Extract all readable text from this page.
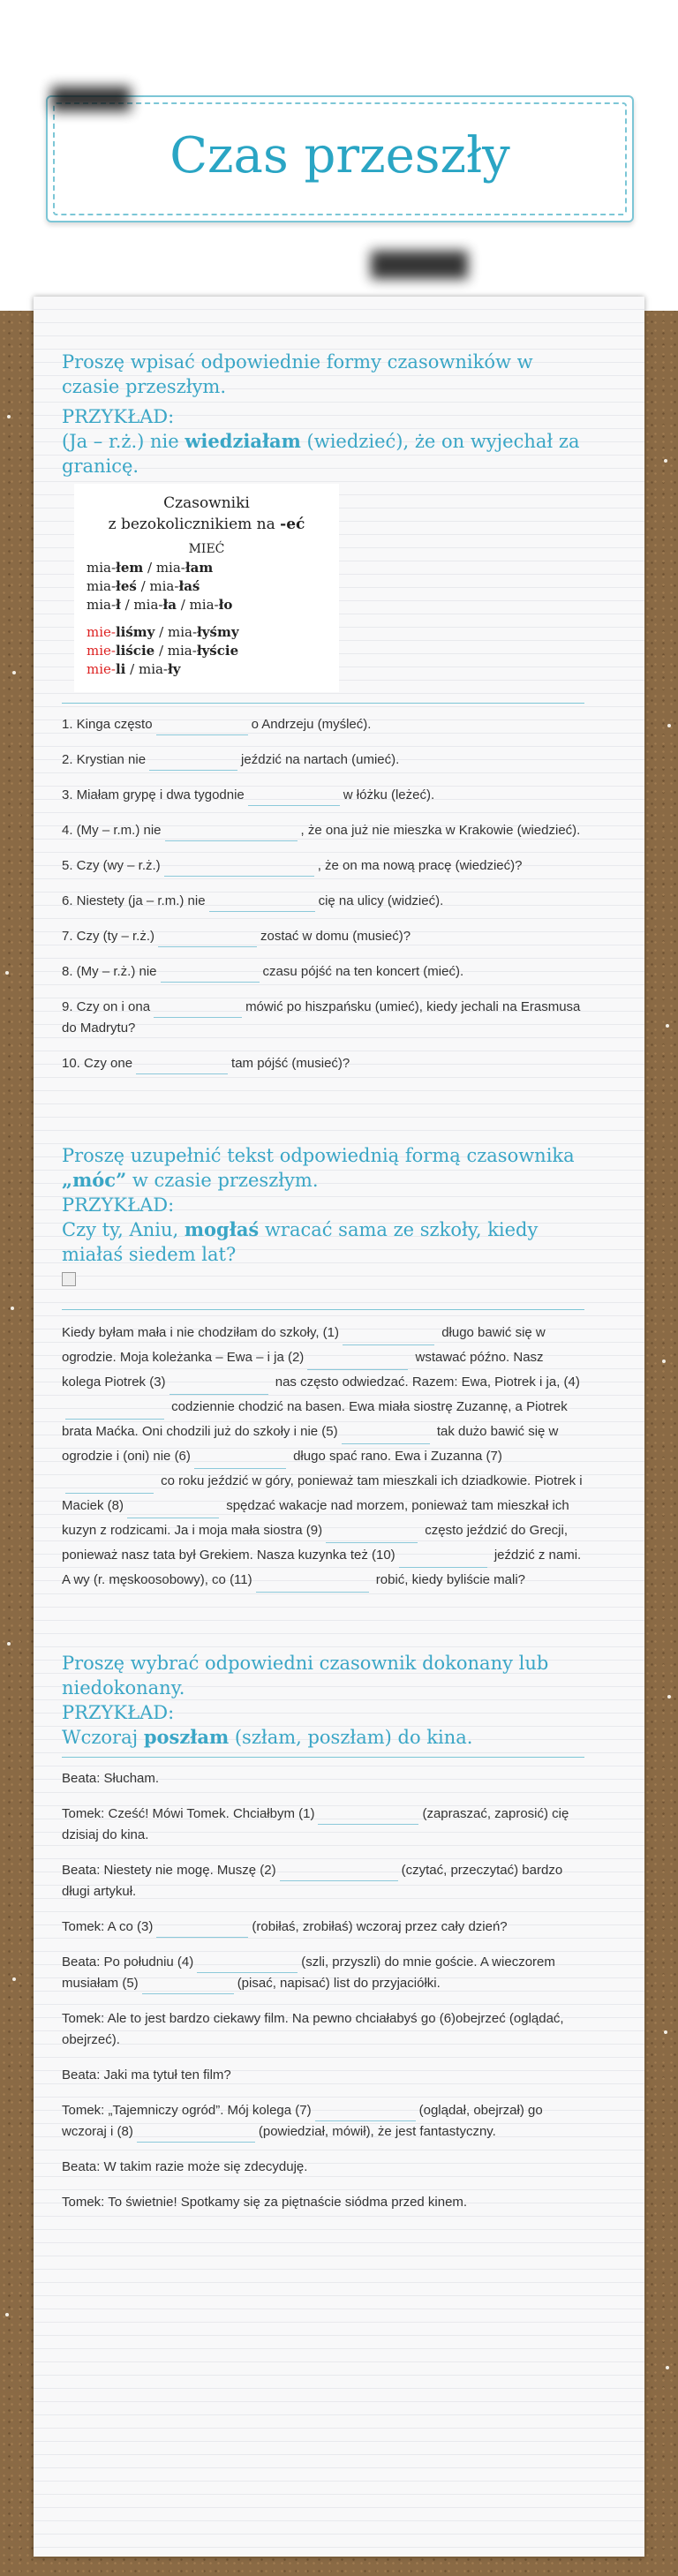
Czas przeszły
Proszę wpisać odpowiednie formy czasowników w czasie przeszłym.
PRZYKŁAD:
(Ja – r.ż.) nie wiedziałam (wiedzieć), że on wyjechał za granicę.
Czasowniki
z bezokolicznikiem na -eć
MIEĆ
mia-łem / mia-łam
mia-łeś / mia-łaś
mia-ł / mia-ła / mia-ło
mie-liśmy / mia-łyśmy
mie-liście / mia-łyście
mie-li / mia-ły
1. Kinga często	o Andrzeju (myśleć).
2. Krystian nie	jeździć na nartach (umieć).
3. Miałam grypę i dwa tygodnie	w łóżku (leżeć).
4. (My – r.m.) nie	, że ona już nie mieszka w Krakowie (wiedzieć).
5. Czy (wy – r.ż.)	, że on ma nową pracę (wiedzieć)?
6. Niestety (ja – r.m.) nie	cię na ulicy (widzieć).
7. Czy (ty – r.ż.)	zostać w domu (musieć)?
8. (My – r.ż.) nie	czasu pójść na ten koncert (mieć).
9. Czy on i ona	mówić po hiszpańsku (umieć), kiedy jechali na Erasmusa do Madrytu?
10. Czy one	tam pójść (musieć)?
Proszę uzupełnić tekst odpowiednią formą czasownika „móc” w czasie przeszłym.
PRZYKŁAD:
Czy ty, Aniu, mogłaś wracać sama ze szkoły, kiedy miałaś siedem lat?
Kiedy byłam mała i nie chodziłam do szkoły, (1)	długo bawić się w ogrodzie. Moja koleżanka – Ewa – i ja (2)	wstawać późno. Nasz kolega Piotrek (3)	nas często odwiedzać. Razem: Ewa, Piotrek i ja, (4) codziennie chodzić na basen. Ewa miała siostrę Zuzannę, a Piotrek brata Maćka. Oni chodzili już do szkoły i nie (5)	tak dużo bawić się w ogrodzie i (oni) nie (6)	długo spać rano. Ewa i Zuzanna (7) co roku jeździć w góry, ponieważ tam mieszkali ich dziadkowie. Piotrek i Maciek (8)	spędzać wakacje nad morzem, ponieważ tam mieszkał ich kuzyn z rodzicami. Ja i moja mała siostra (9)	często jeździć do Grecji, ponieważ nasz tata był Grekiem. Nasza kuzynka też (10)	jeździć z nami. A wy (r. męskoosobowy), co (11)	robić, kiedy byliście mali?
Proszę wybrać odpowiedni czasownik dokonany lub niedokonany.
PRZYKŁAD:
Wczoraj poszłam (szłam, poszłam) do kina.
Beata: Słucham.
Tomek: Cześć! Mówi Tomek. Chciałbym (1)	(zapraszać, zaprosić) cię dzisiaj do kina.
Beata: Niestety nie mogę. Muszę (2)	(czytać, przeczytać) bardzo długi artykuł.
Tomek: A co (3)	(robiłaś, zrobiłaś) wczoraj przez cały dzień?
Beata: Po południu (4)	(szli, przyszli) do mnie goście. A wieczorem musiałam (5)	(pisać, napisać) list do przyjaciółki.
Tomek: Ale to jest bardzo ciekawy film. Na pewno chciałabyś go (6)obejrzeć (oglądać, obejrzeć).
Beata: Jaki ma tytuł ten film?
Tomek: „Tajemniczy ogród”. Mój kolega (7)	(oglądał, obejrzał) go wczoraj i (8)	(powiedział, mówił), że jest fantastyczny.
Beata: W takim razie może się zdecyduję.
Tomek: To świetnie! Spotkamy się za piętnaście siódma przed kinem.
